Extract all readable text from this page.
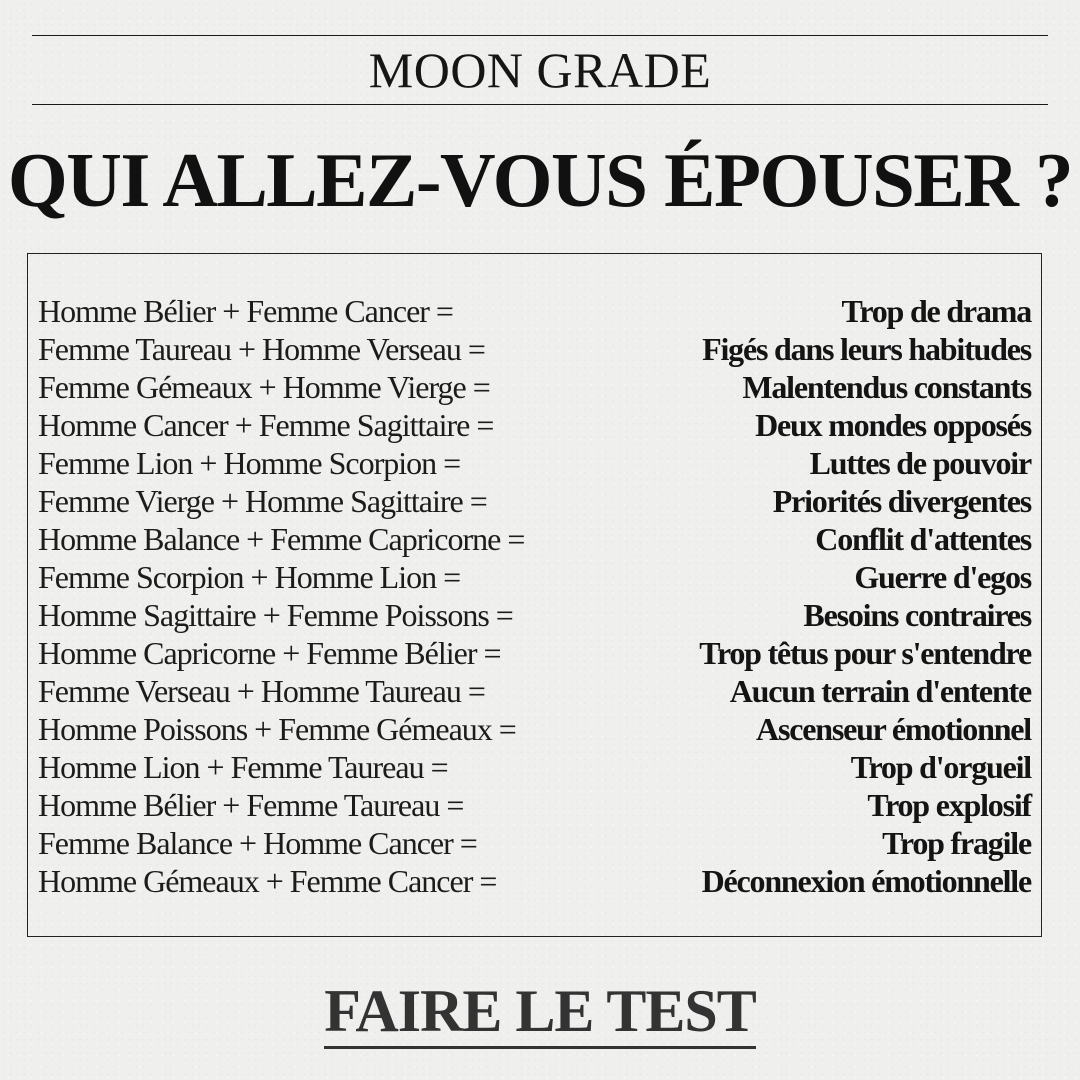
MOON GRADE
QUI ALLEZ-VOUS ÉPOUSER ?
Homme Bélier + Femme Cancer =	Trop de drama
Femme Taureau + Homme Verseau =	Figés dans leurs habitudes
Femme Gémeaux + Homme Vierge =	Malentendus constants
Homme Cancer + Femme Sagittaire =	Deux mondes opposés
Femme Lion + Homme Scorpion =	Luttes de pouvoir
Femme Vierge + Homme Sagittaire =	Priorités divergentes
Homme Balance + Femme Capricorne =	Conflit d'attentes
Femme Scorpion + Homme Lion =	Guerre d'egos
Homme Sagittaire + Femme Poissons =	Besoins contraires
Homme Capricorne + Femme Bélier =	Trop têtus pour s'entendre
Femme Verseau + Homme Taureau =	Aucun terrain d'entente
Homme Poissons + Femme Gémeaux =	Ascenseur émotionnel
Homme Lion + Femme Taureau =	Trop d'orgueil
Homme Bélier + Femme Taureau =	Trop explosif
Femme Balance + Homme Cancer =	Trop fragile
Homme Gémeaux + Femme Cancer =	Déconnexion émotionnelle
FAIRE LE TEST
